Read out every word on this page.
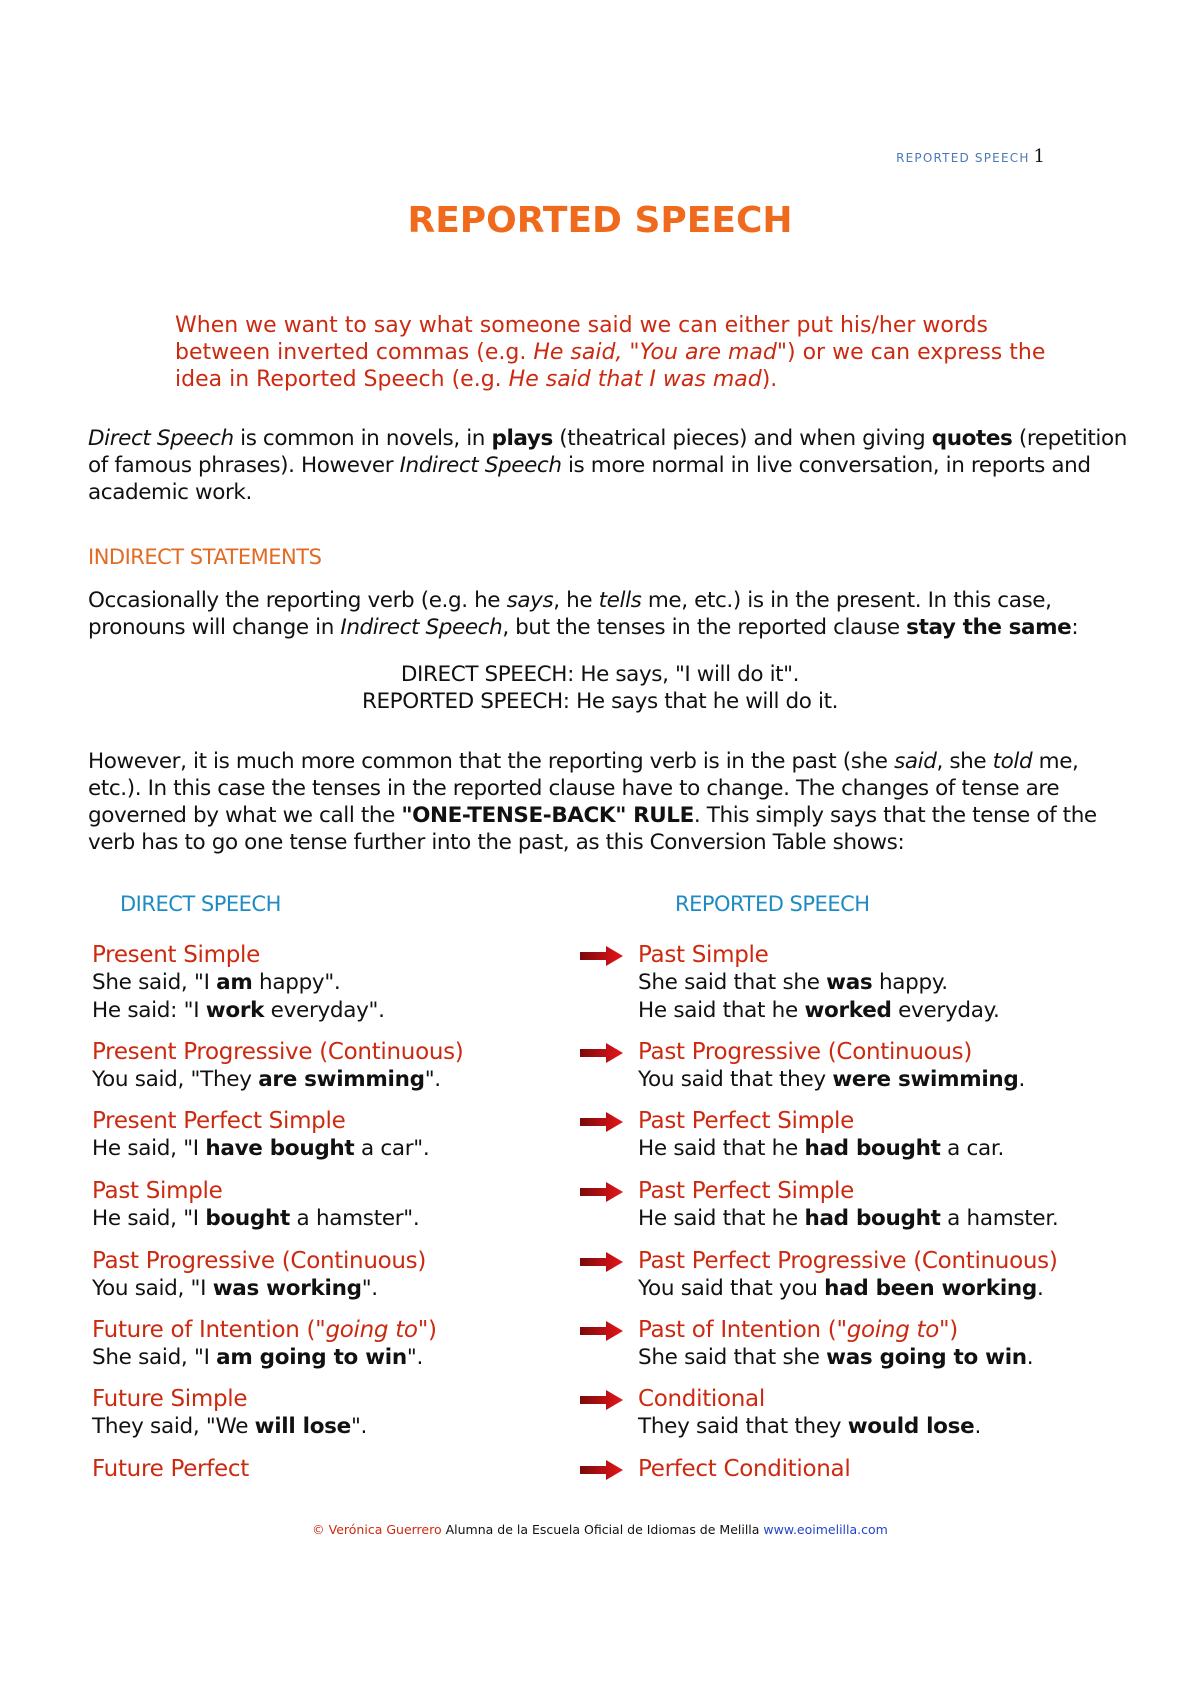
REPORTED SPEECH 1
REPORTED SPEECH
When we want to say what someone said we can either put his/her words between inverted commas (e.g. He said, "You are mad") or we can express the idea in Reported Speech (e.g. He said that I was mad).
Direct Speech is common in novels, in plays (theatrical pieces) and when giving quotes (repetition of famous phrases). However Indirect Speech is more normal in live conversation, in reports and academic work.
INDIRECT STATEMENTS
Occasionally the reporting verb (e.g. he says, he tells me, etc.) is in the present. In this case, pronouns will change in Indirect Speech, but the tenses in the reported clause stay the same:
DIRECT SPEECH: He says, "I will do it".
REPORTED SPEECH: He says that he will do it.
However, it is much more common that the reporting verb is in the past (she said, she told me, etc.). In this case the tenses in the reported clause have to change. The changes of tense are governed by what we call the "ONE-TENSE-BACK" RULE. This simply says that the tense of the verb has to go one tense further into the past, as this Conversion Table shows:
DIRECT SPEECH	REPORTED SPEECH
Present Simple
She said, "I am happy".
He said: "I work everyday".
Past Simple
She said that she was happy.
He said that he worked everyday.
Present Progressive (Continuous)
You said, "They are swimming".
Past Progressive (Continuous)
You said that they were swimming.
Present Perfect Simple
He said, "I have bought a car".
Past Perfect Simple
He said that he had bought a car.
Past Simple
He said, "I bought a hamster".
Past Perfect Simple
He said that he had bought a hamster.
Past Progressive (Continuous)
You said, "I was working".
Past Perfect Progressive (Continuous)
You said that you had been working.
Future of Intention ("going to")
She said, "I am going to win".
Past of Intention ("going to")
She said that she was going to win.
Future Simple
They said, "We will lose".
Conditional
They said that they would lose.
Future Perfect	Perfect Conditional
© Verónica Guerrero Alumna de la Escuela Oficial de Idiomas de Melilla www.eoimelilla.com
